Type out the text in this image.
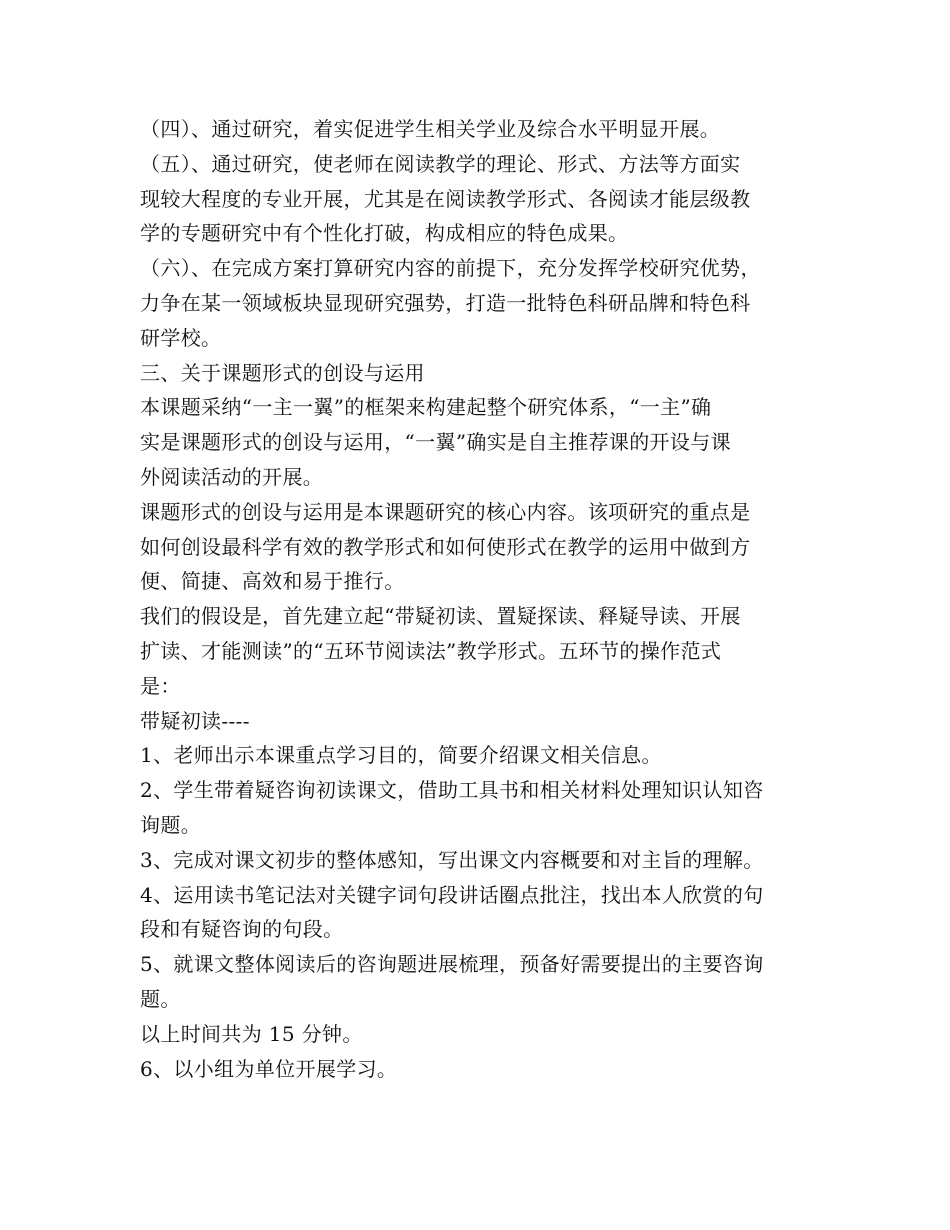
（四）、通过研究，着实促进学生相关学业及综合水平明显开展。
（五）、通过研究，使老师在阅读教学的理论、形式、方法等方面实
现较大程度的专业开展，尤其是在阅读教学形式、各阅读才能层级教
学的专题研究中有个性化打破，构成相应的特色成果。
（六）、在完成方案打算研究内容的前提下，充分发挥学校研究优势，
力争在某一领域板块显现研究强势，打造一批特色科研品牌和特色科
研学校。
三、关于课题形式的创设与运用
本课题采纳“一主一翼”的框架来构建起整个研究体系，“一主”确
实是课题形式的创设与运用，“一翼”确实是自主推荐课的开设与课
外阅读活动的开展。
课题形式的创设与运用是本课题研究的核心内容。该项研究的重点是
如何创设最科学有效的教学形式和如何使形式在教学的运用中做到方
便、简捷、高效和易于推行。
我们的假设是，首先建立起“带疑初读、置疑探读、释疑导读、开展
扩读、才能测读”的“五环节阅读法”教学形式。五环节的操作范式
是：
带疑初读----
1、老师出示本课重点学习目的，简要介绍课文相关信息。
2、学生带着疑咨询初读课文，借助工具书和相关材料处理知识认知咨
询题。
3、完成对课文初步的整体感知，写出课文内容概要和对主旨的理解。
4、运用读书笔记法对关键字词句段讲话圈点批注，找出本人欣赏的句
段和有疑咨询的句段。
5、就课文整体阅读后的咨询题进展梳理，预备好需要提出的主要咨询
题。
以上时间共为 15 分钟。
6、以小组为单位开展学习。
